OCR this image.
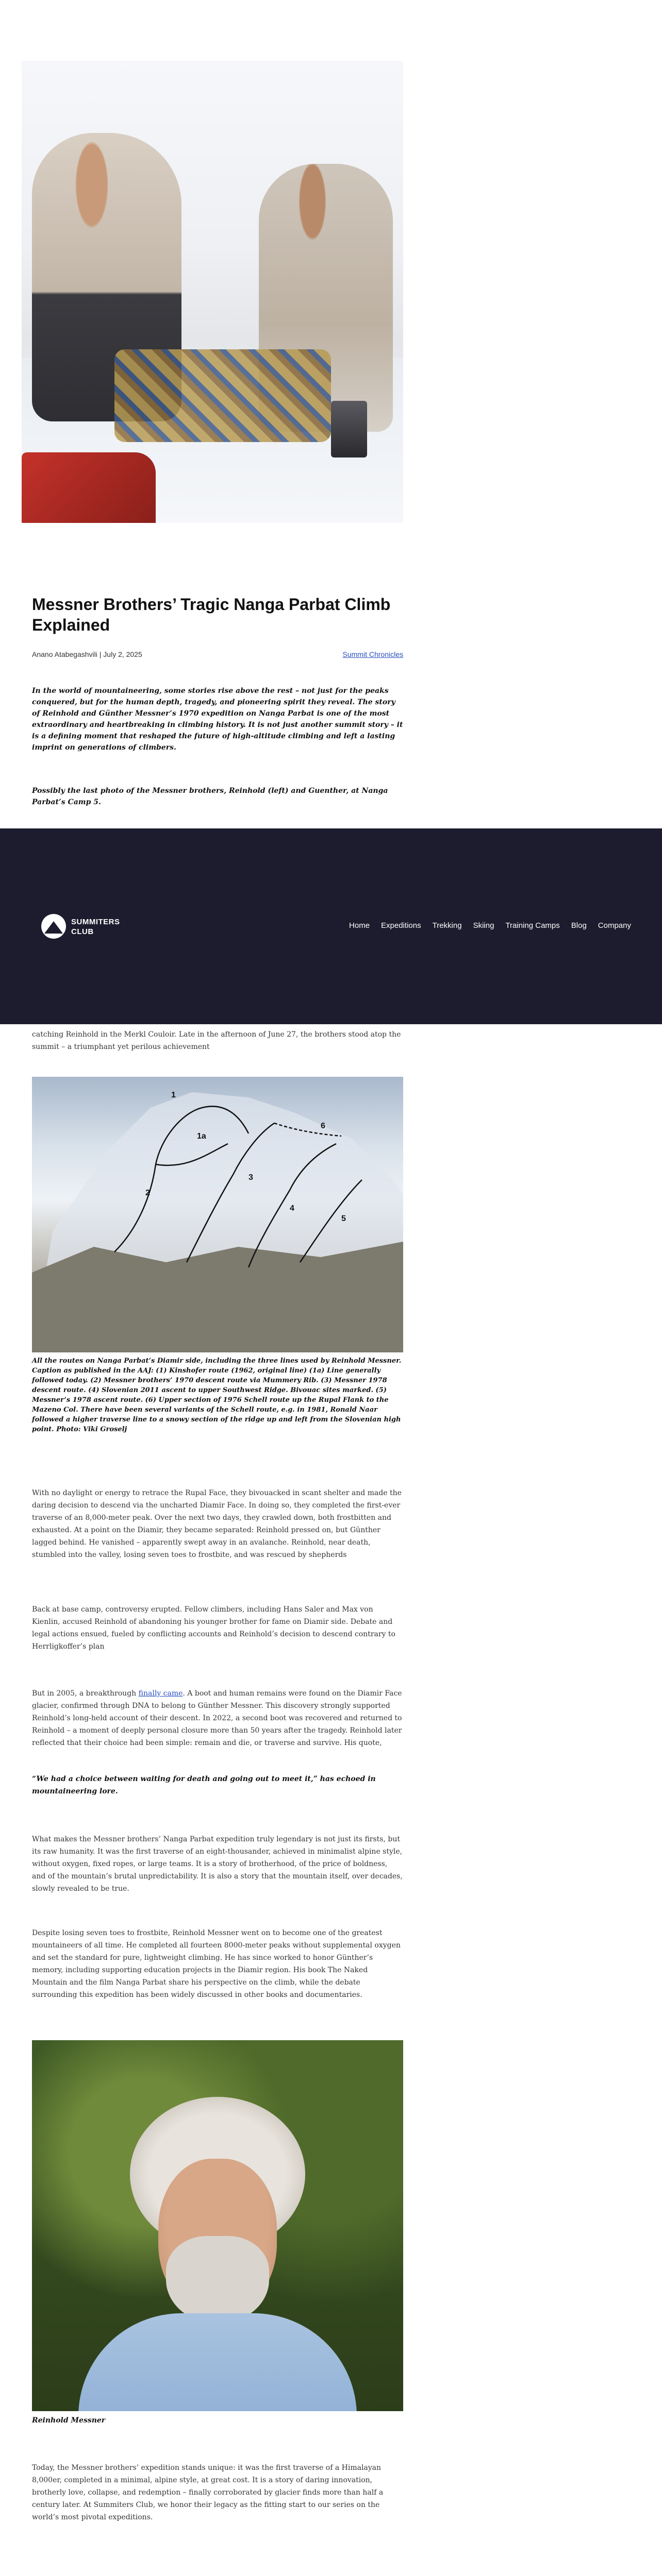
Messner Brothers’ Tragic Nanga Parbat Climb Explained
Anano Atabegashvili | July 2, 2025	Summit Chronicles

In the world of mountaineering, some stories rise above the rest – not just for the peaks conquered, but for the human depth, tragedy, and pioneering spirit they reveal. The story of Reinhold and Günther Messner’s 1970 expedition on Nanga Parbat is one of the most extraordinary and heartbreaking in climbing history. It is not just another summit story – it is a defining moment that reshaped the future of high-altitude climbing and left a lasting imprint on generations of climbers.

Possibly the last photo of the Messner brothers, Reinhold (left) and Guenther, at Nanga Parbat’s Camp 5.

SUMMITERS
CLUB
Home Expeditions Trekking Skiing Training Camps Blog Company

catching Reinhold in the Merkl Couloir. Late in the afternoon of June 27, the brothers stood atop the summit – a triumphant yet perilous achievement

1
1a
2
3
4
5
6

All the routes on Nanga Parbat’s Diamir side, including the three lines used by Reinhold Messner. Caption as published in the AAJ: (1) Kinshofer route (1962, original line) (1a) Line generally followed today. (2) Messner brothers’ 1970 descent route via Mummery Rib. (3) Messner 1978 descent route. (4) Slovenian 2011 ascent to upper Southwest Ridge. Bivouac sites marked. (5) Messner’s 1978 ascent route. (6) Upper section of 1976 Schell route up the Rupal Flank to the Mazeno Col. There have been several variants of the Schell route, e.g. in 1981, Ronald Naar followed a higher traverse line to a snowy section of the ridge up and left from the Slovenian high point. Photo: Viki Groselj

With no daylight or energy to retrace the Rupal Face, they bivouacked in scant shelter and made the daring decision to descend via the uncharted Diamir Face. In doing so, they completed the first-ever traverse of an 8,000-meter peak. Over the next two days, they crawled down, both frostbitten and exhausted. At a point on the Diamir, they became separated: Reinhold pressed on, but Günther lagged behind. He vanished – apparently swept away in an avalanche. Reinhold, near death, stumbled into the valley, losing seven toes to frostbite, and was rescued by shepherds

Back at base camp, controversy erupted. Fellow climbers, including Hans Saler and Max von Kienlin, accused Reinhold of abandoning his younger brother for fame on Diamir side. Debate and legal actions ensued, fueled by conflicting accounts and Reinhold’s decision to descend contrary to Herrligkoffer’s plan

But in 2005, a breakthrough finally came. A boot and human remains were found on the Diamir Face glacier, confirmed through DNA to belong to Günther Messner. This discovery strongly supported Reinhold’s long-held account of their descent. In 2022, a second boot was recovered and returned to Reinhold – a moment of deeply personal closure more than 50 years after the tragedy. Reinhold later reflected that their choice had been simple: remain and die, or traverse and survive. His quote,

“We had a choice between waiting for death and going out to meet it,” has echoed in mountaineering lore.

What makes the Messner brothers’ Nanga Parbat expedition truly legendary is not just its firsts, but its raw humanity. It was the first traverse of an eight-thousander, achieved in minimalist alpine style, without oxygen, fixed ropes, or large teams. It is a story of brotherhood, of the price of boldness, and of the mountain’s brutal unpredictability. It is also a story that the mountain itself, over decades, slowly revealed to be true.

Despite losing seven toes to frostbite, Reinhold Messner went on to become one of the greatest mountaineers of all time. He completed all fourteen 8000-meter peaks without supplemental oxygen and set the standard for pure, lightweight climbing. He has since worked to honor Günther’s memory, including supporting education projects in the Diamir region. His book The Naked Mountain and the film Nanga Parbat share his perspective on the climb, while the debate surrounding this expedition has been widely discussed in other books and documentaries.

Reinhold Messner

Today, the Messner brothers’ expedition stands unique: it was the first traverse of a Himalayan 8,000er, completed in a minimal, alpine style, at great cost. It is a story of daring innovation, brotherly love, collapse, and redemption – finally corroborated by glacier finds more than half a century later. At Summiters Club, we honor their legacy as the fitting start to our series on the world’s most pivotal expeditions.
